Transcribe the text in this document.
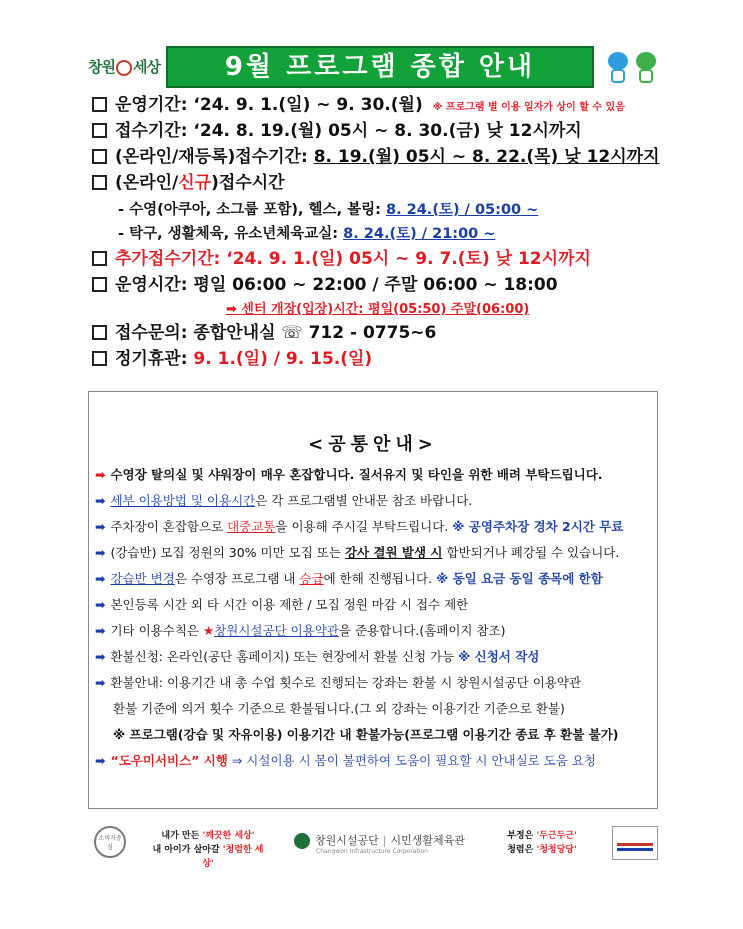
창원 세상	9월 프로그램 종합 안내
운영기간: ‘24. 9. 1.(일) ~ 9. 30.(월) ※ 프로그램 별 이용 일자가 상이 할 수 있음
접수기간: ‘24. 8. 19.(월) 05시 ~ 8. 30.(금) 낮 12시까지
(온라인/재등록)접수기간: 8. 19.(월) 05시 ~ 8. 22.(목) 낮 12시까지
(온라인/신규)접수시간
- 수영(아쿠아, 소그룹 포함), 헬스, 볼링: 8. 24.(토) / 05:00 ~
- 탁구, 생활체육, 유소년체육교실: 8. 24.(토) / 21:00 ~
추가접수기간: ‘24. 9. 1.(일) 05시 ~ 9. 7.(토) 낮 12시까지
운영시간: 평일 06:00 ~ 22:00 / 주말 06:00 ~ 18:00
➡ 센터 개장(입장)시간: 평일(05:50) 주말(06:00)
접수문의: 종합안내실 ☏ 712 - 0775~6
정기휴관: 9. 1.(일) / 9. 15.(일)
<공통안내>
➡ 수영장 탈의실 및 샤워장이 매우 혼잡합니다. 질서유지 및 타인을 위한 배려 부탁드립니다.
➡ 세부 이용방법 및 이용시간은 각 프로그램별 안내문 참조 바랍니다.
➡ 주차장이 혼잡함으로 대중교통을 이용해 주시길 부탁드립니다. ※ 공영주차장 경차 2시간 무료
➡ (강습반) 모집 정원의 30% 미만 모집 또는 강사 결원 발생 시 합반되거나 폐강될 수 있습니다.
➡ 강습반 변경은 수영장 프로그램 내 승급에 한해 진행됩니다. ※ 동일 요금 동일 종목에 한함
➡ 본인등록 시간 외 타 시간 이용 제한 / 모집 정원 마감 시 접수 제한
➡ 기타 이용수칙은 ★창원시설공단 이용약관을 준용합니다.(홈페이지 참조)
➡ 환불신청: 온라인(공단 홈페이지) 또는 현장에서 환불 신청 가능 ※ 신청서 작성
➡ 환불안내: 이용기간 내 총 수업 횟수로 진행되는 강좌는 환불 시 창원시설공단 이용약관
환불 기준에 의거 횟수 기준으로 환불됩니다.(그 외 강좌는 이용기간 기준으로 환불)
※ 프로그램(강습 및 자유이용) 이용기간 내 환불가능(프로그램 이용기간 종료 후 환불 불가)
➡ “도우미서비스” 시행 ⇒ 시설이용 시 몸이 불편하여 도움이 필요할 시 안내실로 도움 요청
소비자중심
내가 만든 '깨끗한 세상'
내 아이가 살아갈 '청렴한 세상'
창원시설공단 | 시민생활체육관
Changwon Infrastructure Corporation
부정은 '두근두근'
청렴은 '청청당당'
